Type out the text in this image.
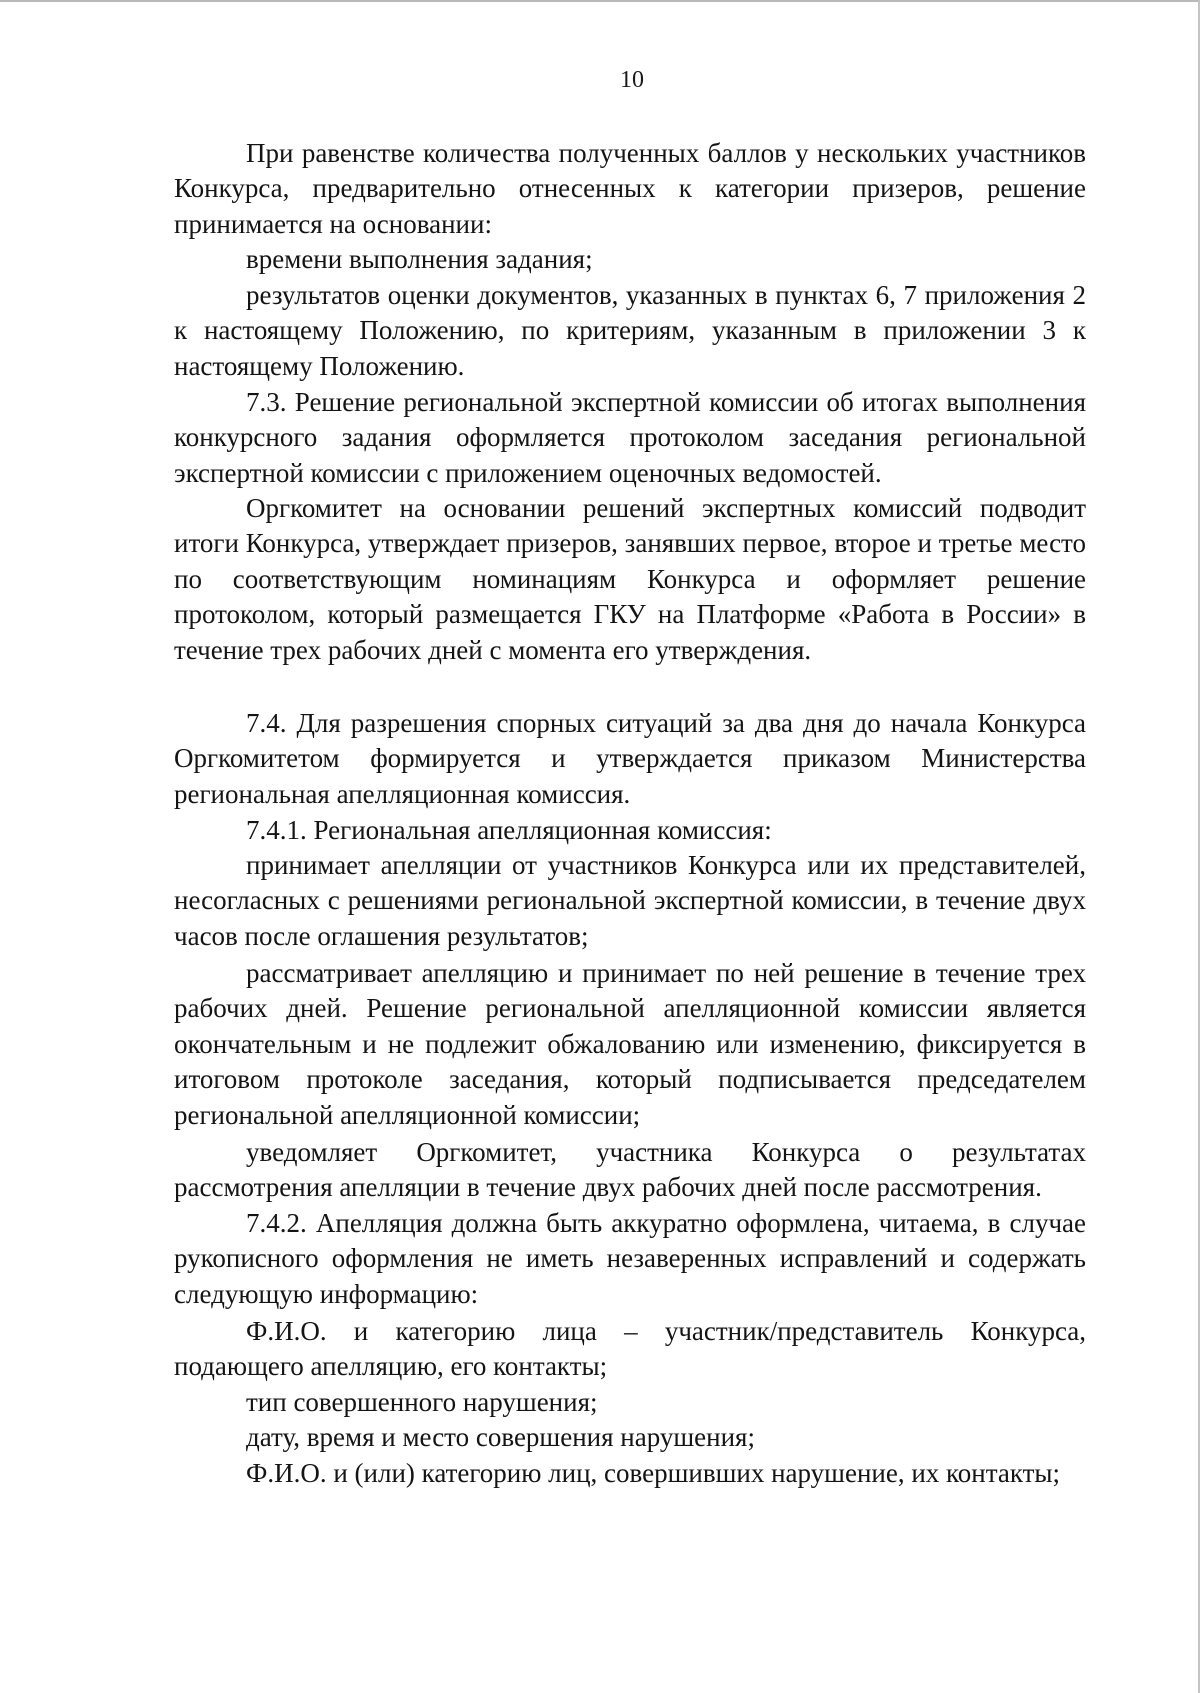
10

При равенстве количества полученных баллов у нескольких участников Конкурса, предварительно отнесенных к категории призеров, решение принимается на основании:

времени выполнения задания;

результатов оценки документов, указанных в пунктах 6, 7 приложения 2 к настоящему Положению, по критериям, указанным в приложении 3 к настоящему Положению.

7.3. Решение региональной экспертной комиссии об итогах выполнения конкурсного задания оформляется протоколом заседания региональной экспертной комиссии с приложением оценочных ведомостей.

Оргкомитет на основании решений экспертных комиссий подводит итоги Конкурса, утверждает призеров, занявших первое, второе и третье место по соответствующим номинациям Конкурса и оформляет решение протоколом, который размещается ГКУ на Платформе «Работа в России» в течение трех рабочих дней с момента его утверждения.

7.4. Для разрешения спорных ситуаций за два дня до начала Конкурса Оргкомитетом формируется и утверждается приказом Министерства региональная апелляционная комиссия.

7.4.1. Региональная апелляционная комиссия:

принимает апелляции от участников Конкурса или их представителей, несогласных с решениями региональной экспертной комиссии, в течение двух часов после оглашения результатов;

рассматривает апелляцию и принимает по ней решение в течение трех рабочих дней. Решение региональной апелляционной комиссии является окончательным и не подлежит обжалованию или изменению, фиксируется в итоговом протоколе заседания, который подписывается председателем региональной апелляционной комиссии;

уведомляет Оргкомитет, участника Конкурса о результатах рассмотрения апелляции в течение двух рабочих дней после рассмотрения.

7.4.2. Апелляция должна быть аккуратно оформлена, читаема, в случае рукописного оформления не иметь незаверенных исправлений и содержать следующую информацию:

Ф.И.О. и категорию лица – участник/представитель Конкурса, подающего апелляцию, его контакты;

тип совершенного нарушения;

дату, время и место совершения нарушения;

Ф.И.О. и (или) категорию лиц, совершивших нарушение, их контакты;
